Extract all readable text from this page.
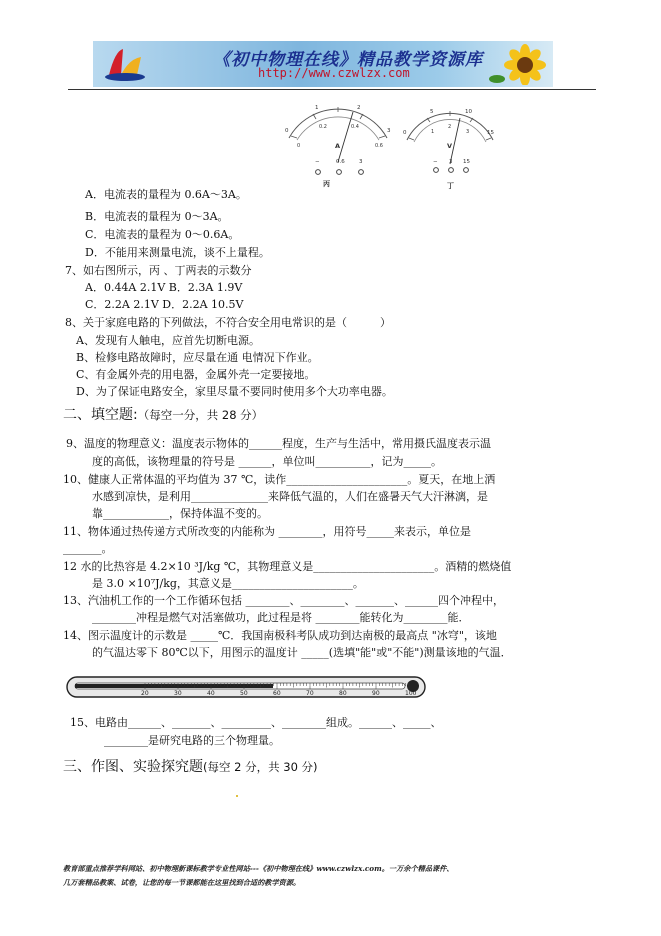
《初中物理在线》精品教学资源库
http://www.czwlzx.com
0
1	2
3
0
0.2	0.4
0.6
A
−	0.6	3
丙
0
5	10
15
1
2
3
V
− 3 15
丁
A．电流表的量程为 0.6A～3A。
B．电流表的量程为 0～3A。
C．电流表的量程为 0～0.6A。
D．不能用来测量电流，谈不上量程。
7、如右图所示，丙 、丁两表的示数分
A．0.44A 2.1V B．2.3A 1.9V
C．2.2A 2.1V D．2.2A 10.5V
8、关于家庭电路的下列做法，不符合安全用电常识的是（　　　）
A、发现有人触电，应首先切断电源。
B、检修电路故障时，应尽量在通 电情况下作业。
C、有金属外壳的用电器，金属外壳一定要接地。
D、为了保证电路安全，家里尽量不要同时使用多个大功率电器。
二、填空题:（每空一分，共 28 分）
9、温度的物理意义：温度表示物体的______程度，生产与生活中，常用摄氏温度表示温
度的高低，该物理量的符号是 ______，单位叫__________，记为_____。
10、健康人正常体温的平均值为 37 ℃，读作______________________。夏天，在地上洒
水感到凉快，是利用______________来降低气温的，人们在盛暑天气大汗淋漓，是
靠____________，保持体温不变的。
11、物体通过热传递方式所改变的内能称为 ________，用符号_____来表示，单位是
_______。
12 水的比热容是 4.2×10 ³J/kg ℃，其物理意义是______________________。酒精的燃烧值
是 3.0 ×10⁷J/kg，其意义是______________________。
13、汽油机工作的一个工作循环包括 ________、________、_______、______四个冲程中，
________冲程是燃气对活塞做功，此过程是将 ________能转化为________能．
14、图示温度计的示数是 _____℃．我国南极科考队成功到达南极的最高点 "冰穹"，该地
的气温达零下 80℃以下，用图示的温度计 _____(选填"能"或"不能")测量该地的气温．
20	30	40	50	60	70	80	90	100
15、电路由______、_______、_________、________组成。______、_____、
________是研究电路的三个物理量。
三、作图、实验探究题(每空 2 分，共 30 分)
教育部重点推荐学科网站、初中物理新课标教学专业性网站---《初中物理在线》www.czwlzx.com。一万余个精品课件、
几万套精品教案、试卷，让您的每一节课都能在这里找到合适的教学资源。
